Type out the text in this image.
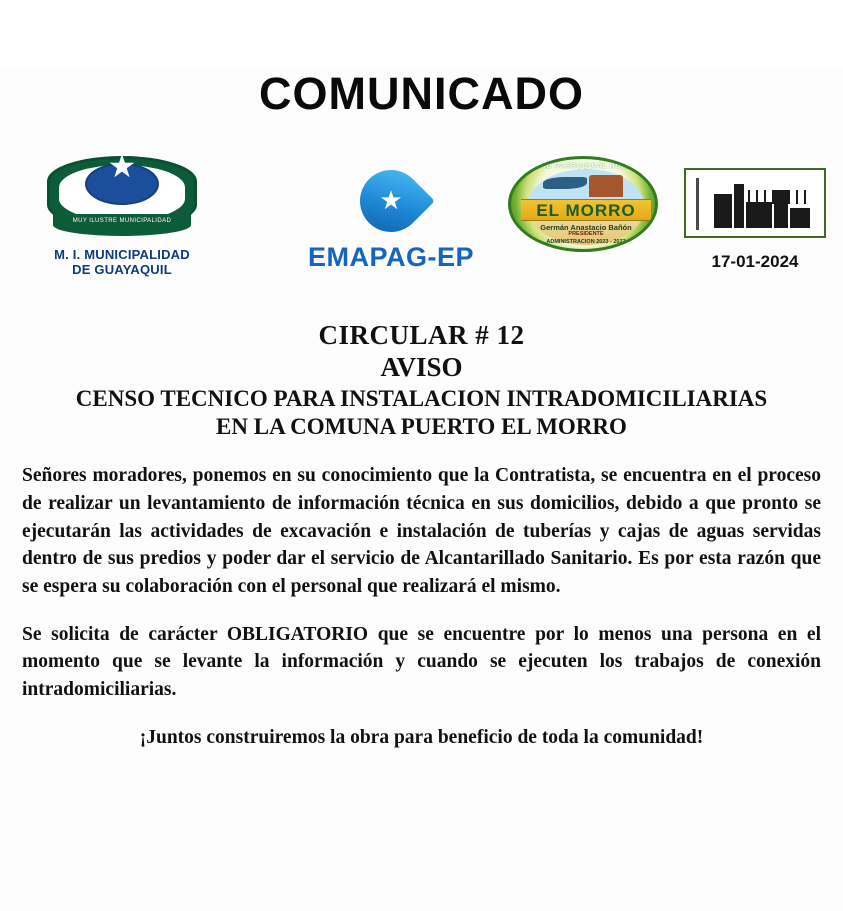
COMUNICADO
MUY ILUSTRE MUNICIPALIDAD
M. I. MUNICIPALIDAD
DE GUAYAQUIL
★
EMAPAG-EP
GAD PARROQUIAL RURAL
EL MORRO
Germán Anastacio Bañón
PRESIDENTE
ADMINISTRACION 2023 - 2027
17-01-2024
CIRCULAR # 12
AVISO
CENSO TECNICO PARA INSTALACION INTRADOMICILIARIAS
EN LA COMUNA PUERTO EL MORRO

Señores moradores, ponemos en su conocimiento que la Contratista, se encuentra en el proceso de realizar un levantamiento de información técnica en sus domicilios, debido a que pronto se ejecutarán las actividades de excavación e instalación de tuberías y cajas de aguas servidas dentro de sus predios y poder dar el servicio de Alcantarillado Sanitario. Es por esta razón que se espera su colaboración con el personal que realizará el mismo.

Se solicita de carácter OBLIGATORIO que se encuentre por lo menos una persona en el momento que se levante la información y cuando se ejecuten los trabajos de conexión intradomiciliarias.

¡Juntos construiremos la obra para beneficio de toda la comunidad!
